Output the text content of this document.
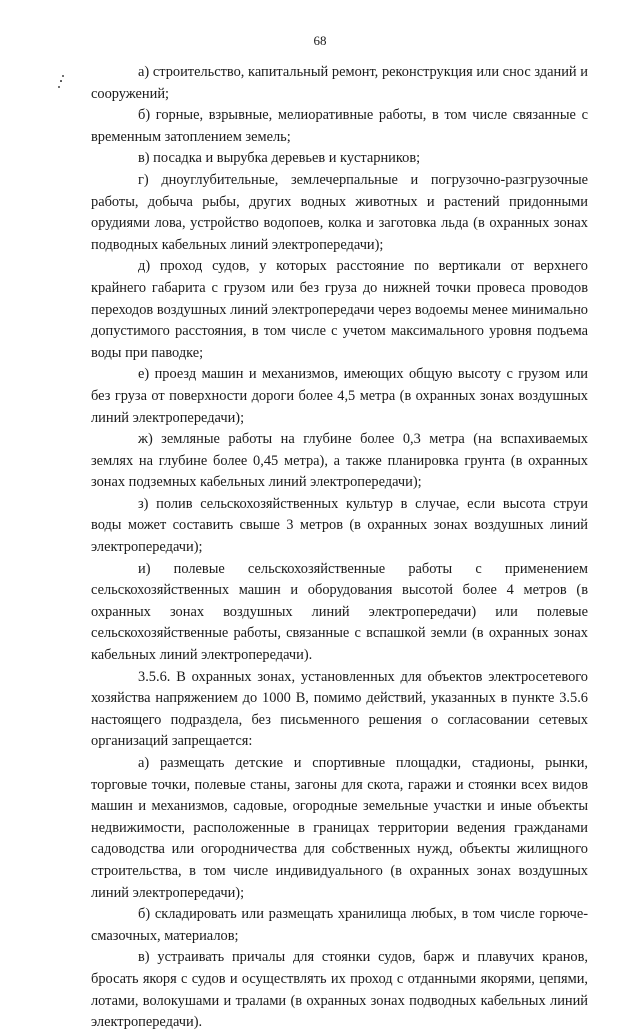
68

а) строительство, капитальный ремонт, реконструкция или снос зданий и сооружений;

б) горные, взрывные, мелиоративные работы, в том числе связанные с временным затоплением земель;

в) посадка и вырубка деревьев и кустарников;

г) дноуглубительные, землечерпальные и погрузочно-разгрузочные работы, добыча рыбы, других водных животных и растений придонными орудиями лова, устройство водопоев, колка и заготовка льда (в охранных зонах подводных кабельных линий электропередачи);

д) проход судов, у которых расстояние по вертикали от верхнего крайнего габарита с грузом или без груза до нижней точки провеса проводов переходов воздушных линий электропередачи через водоемы менее минимально допустимого расстояния, в том числе с учетом максимального уровня подъема воды при паводке;

е) проезд машин и механизмов, имеющих общую высоту с грузом или без груза от поверхности дороги более 4,5 метра (в охранных зонах воздушных линий электропередачи);

ж) земляные работы на глубине более 0,3 метра (на вспахиваемых землях на глубине более 0,45 метра), а также планировка грунта (в охранных зонах подземных кабельных линий электропередачи);

з) полив сельскохозяйственных культур в случае, если высота струи воды может составить свыше 3 метров (в охранных зонах воздушных линий электропередачи);

и) полевые сельскохозяйственные работы с применением сельскохозяйственных машин и оборудования высотой более 4 метров (в охранных зонах воздушных линий электропередачи) или полевые сельскохозяйственные работы, связанные с вспашкой земли (в охранных зонах кабельных линий электропередачи).

3.5.6. В охранных зонах, установленных для объектов электросетевого хозяйства напряжением до 1000 В, помимо действий, указанных в пункте 3.5.6 настоящего подраздела, без письменного решения о согласовании сетевых организаций запрещается:

а) размещать детские и спортивные площадки, стадионы, рынки, торговые точки, полевые станы, загоны для скота, гаражи и стоянки всех видов машин и механизмов, садовые, огородные земельные участки и иные объекты недвижимости, расположенные в границах территории ведения гражданами садоводства или огородничества для собственных нужд, объекты жилищного строительства, в том числе индивидуального (в охранных зонах воздушных линий электропередачи);

б) складировать или размещать хранилища любых, в том числе горюче-смазочных, материалов;

в) устраивать причалы для стоянки судов, барж и плавучих кранов, бросать якоря с судов и осуществлять их проход с отданными якорями, цепями, лотами, волокушами и тралами (в охранных зонах подводных кабельных линий электропередачи).
